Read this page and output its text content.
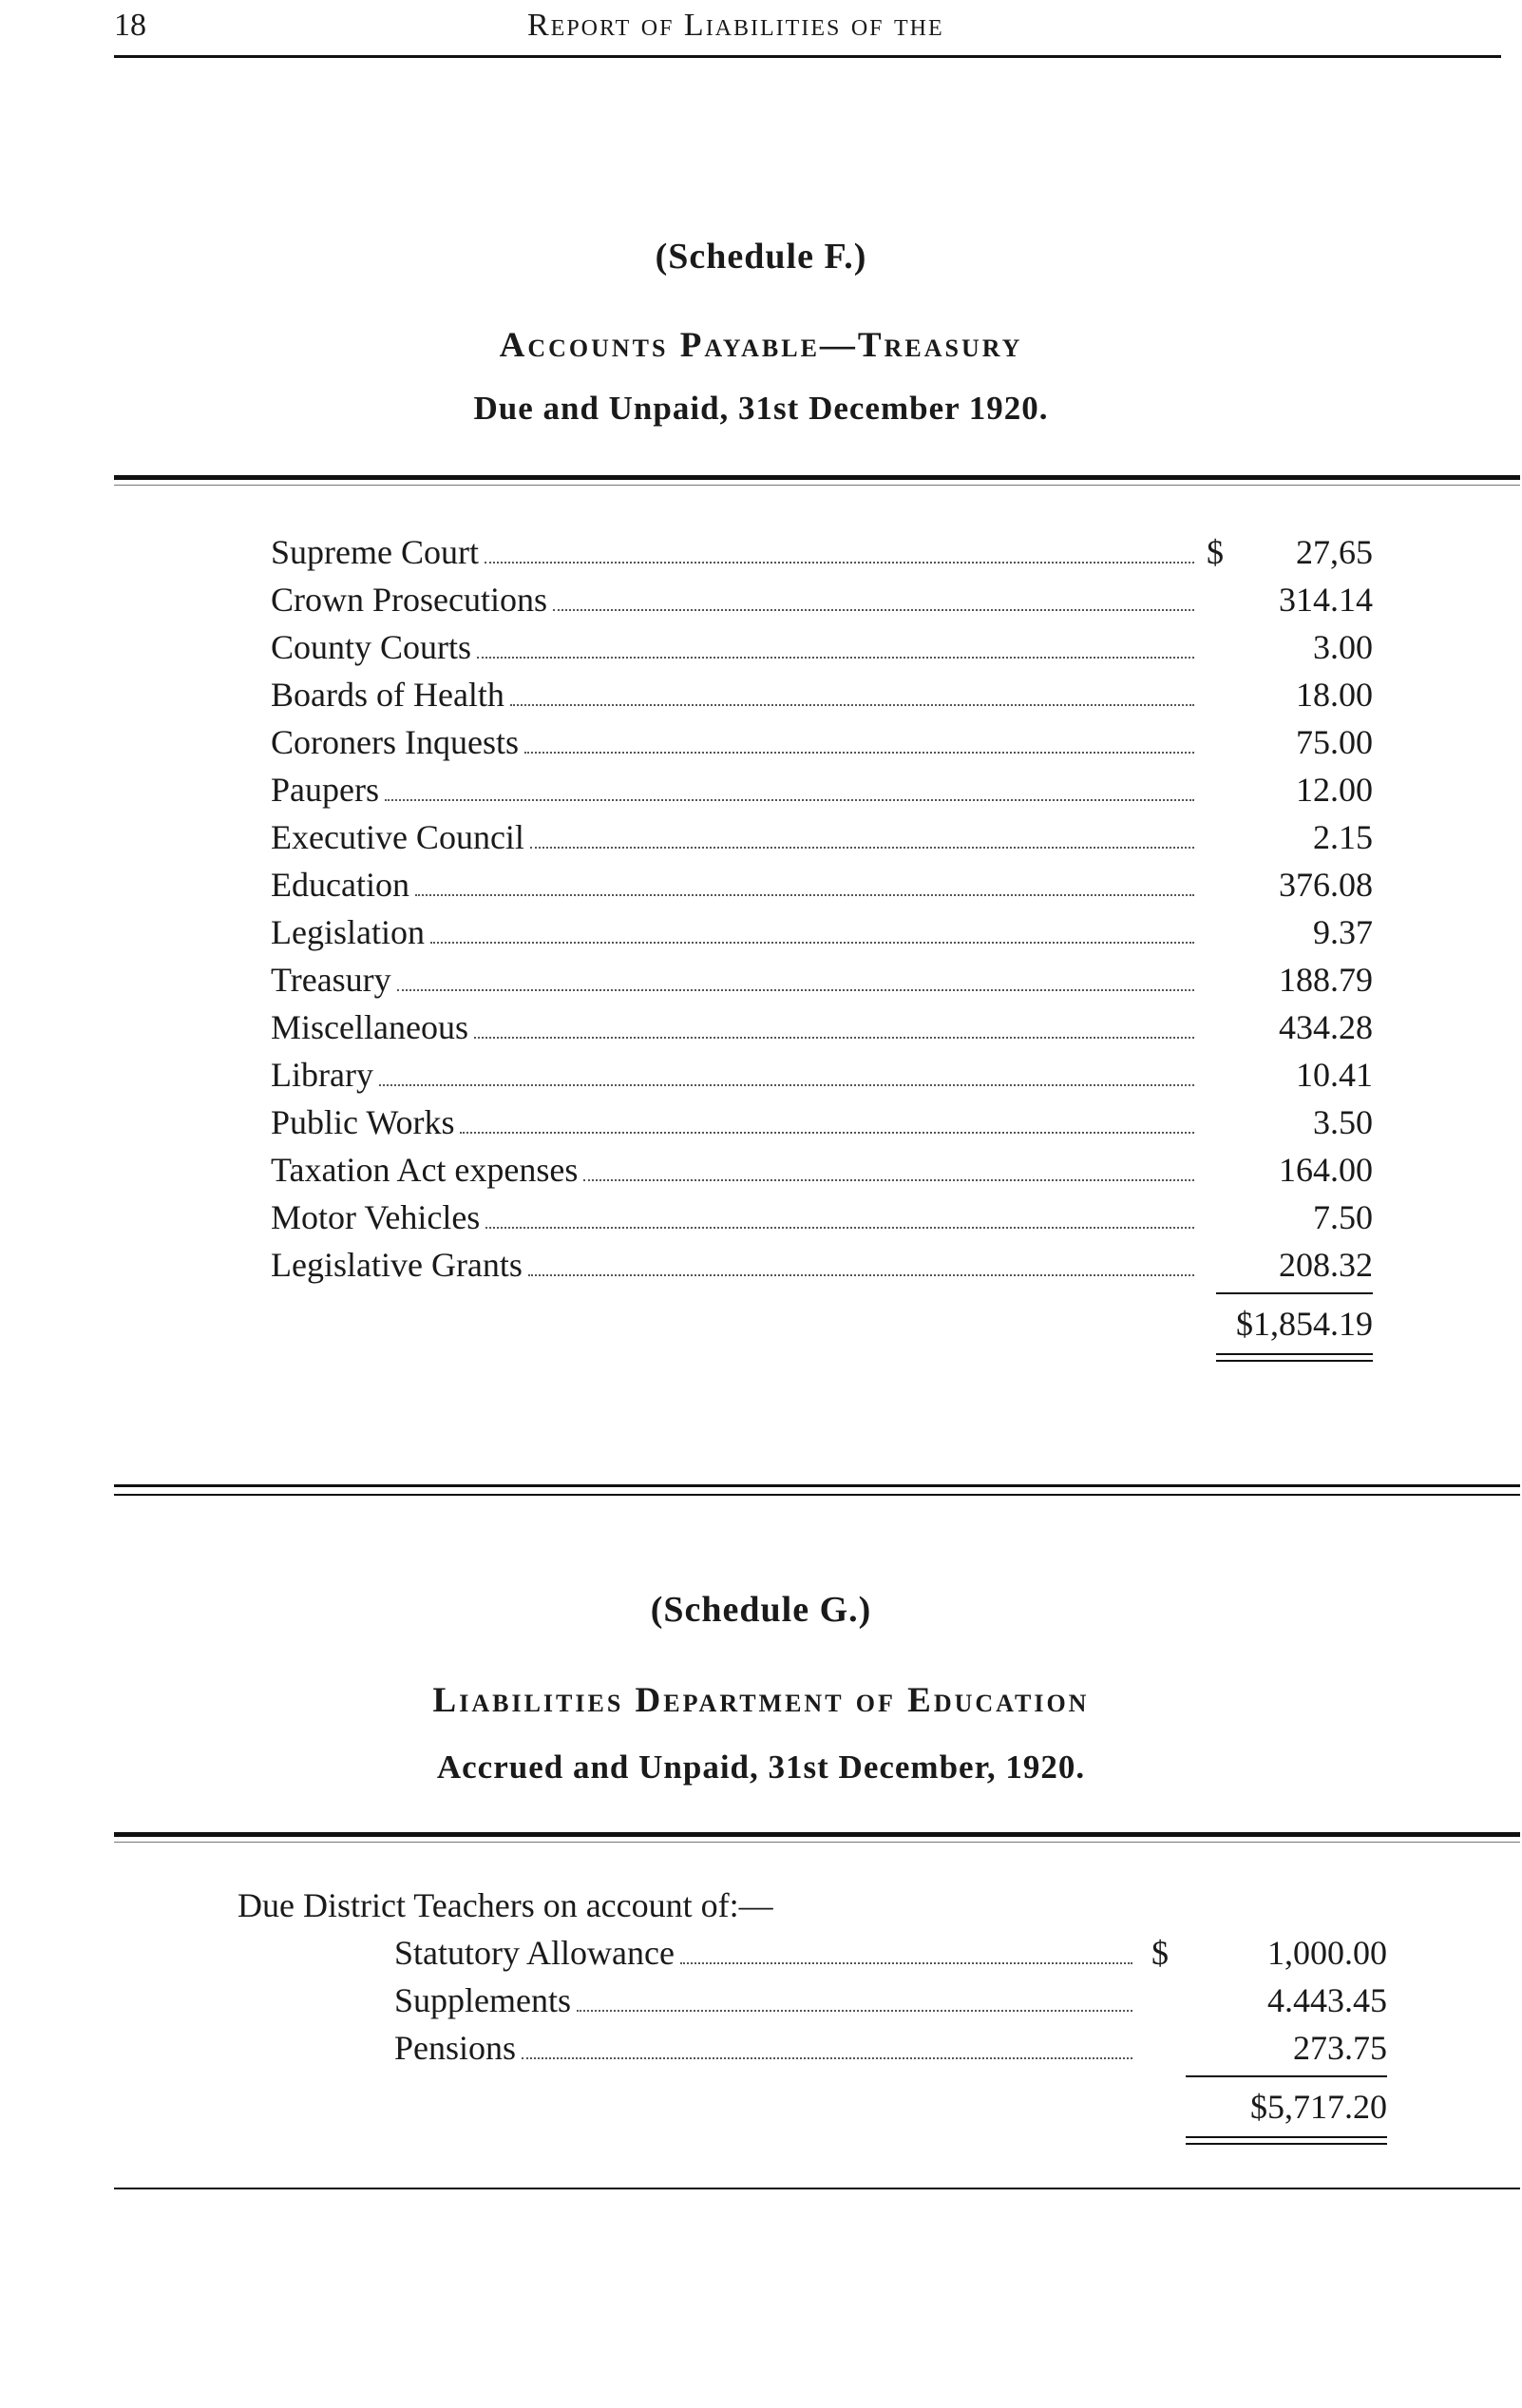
18	Report of Liabilities of the
(Schedule F.)
Accounts Payable—Treasury
Due and Unpaid, 31st December 1920.
Supreme Court	$ 27,65
Crown Prosecutions	314.14
County Courts	3.00
Boards of Health	18.00
Coroners Inquests	75.00
Paupers	12.00
Executive Council	2.15
Education	376.08
Legislation	9.37
Treasury	188.79
Miscellaneous	434.28
Library	10.41
Public Works	3.50
Taxation Act expenses	164.00
Motor Vehicles	7.50
Legislative Grants	208.32
$1,854.19
(Schedule G.)
Liabilities Department of Education
Accrued and Unpaid, 31st December, 1920.
Due District Teachers on account of:—
Statutory Allowance	$	1,000.00
Supplements	4.443.45
Pensions	273.75
$5,717.20
